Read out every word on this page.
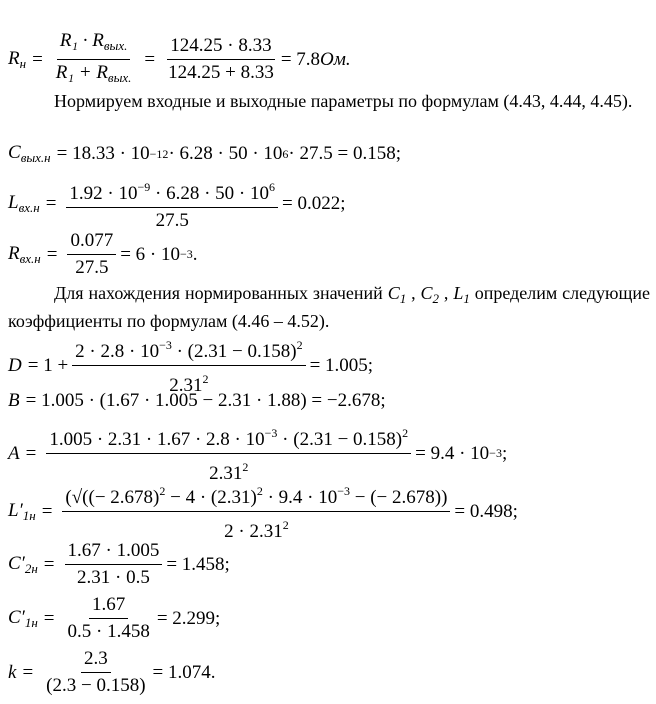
$R_н = \frac{R_1 \cdot R_{вых.}}{R_1 + R_{вых.}} = \frac{124.25 \cdot 8.33}{124.25 + 8.33} = 7.8$ Ом.
Нормируем входные и выходные параметры по формулам (4.43, 4.44, 4.45).
$C_{вых.н} = 18.33 \cdot 10 -12 \cdot 6.28 \cdot 50 \cdot 10$ 6 · 27.5 = 0.158;
$L_{вх.н} = \frac{1.92 \cdot 10^{-9} \cdot 6.28 \cdot 50 \cdot 10^6}{27.5} = 0.022$;
$R_{вх.н} = \frac{0.077}{27.5} = 6 \cdot 10 -3$ .
Для нахождения нормированных значений $C_1$ , $C_2$ , $L_1$ определим следующие коэффициенты по формулам (4.46 – 4.52).
$D = 1 + \frac{2 \cdot 2.8 \cdot 10^{-3} \cdot (2.31 - 0.158)^2}{2.31^2} = 1.005$;
B = 1.005 · (1.67 · 1.005 − 2.31 · 1.88) = −2.678;
$A = \frac{1.005 \cdot 2.31 \cdot 1.67 \cdot 2.8 \cdot 10^{-3} \cdot (2.31 - 0.158)^2}{2.31^2} = 9.4 \cdot 10 -3$ ;
$L'_{1н} = \frac{(√((- 2.678)^2 - 4 \cdot (2.31)^2 \cdot 9.4 \cdot 10^{-3} - (- 2.678))}{2 \cdot 2.31^2} = 0.498$;
$C'_{2н} = \frac{1.67 \cdot 1.005}{2.31 \cdot 0.5} = 1.458$;
$C'_{1н} = \frac{1.67}{0.5 \cdot 1.458} = 2.299$;
$k = \frac{2.3}{(2.3 - 0.158)} = 1.074$.
